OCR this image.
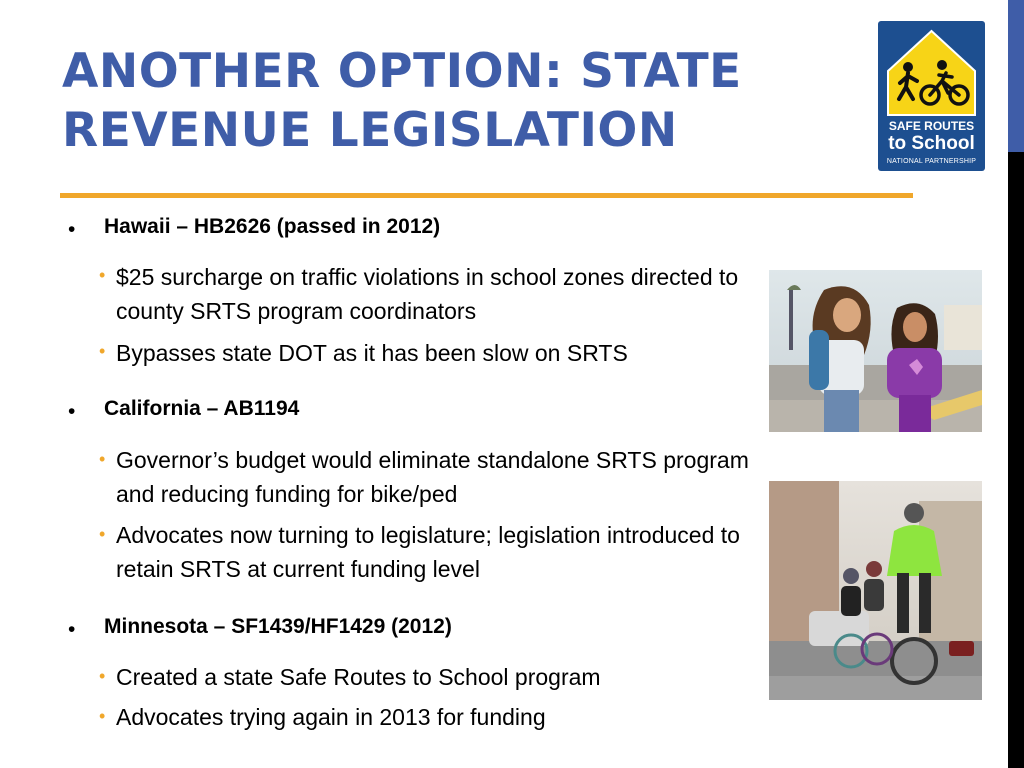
ANOTHER OPTION: STATE
REVENUE LEGISLATION	SAFE ROUTES
to School
NATIONAL PARTNERSHIP
• Hawaii – HB2626 (passed in 2012)
• $25 surcharge on traffic violations in school zones directed to county SRTS program coordinators
• Bypasses state DOT as it has been slow on SRTS
• California – AB1194
• Governor’s budget would eliminate standalone SRTS program and reducing funding for bike/ped
• Advocates now turning to legislature; legislation introduced to retain SRTS at current funding level
• Minnesota – SF1439/HF1429 (2012)
• Created a state Safe Routes to School program
• Advocates trying again in 2013 for funding
